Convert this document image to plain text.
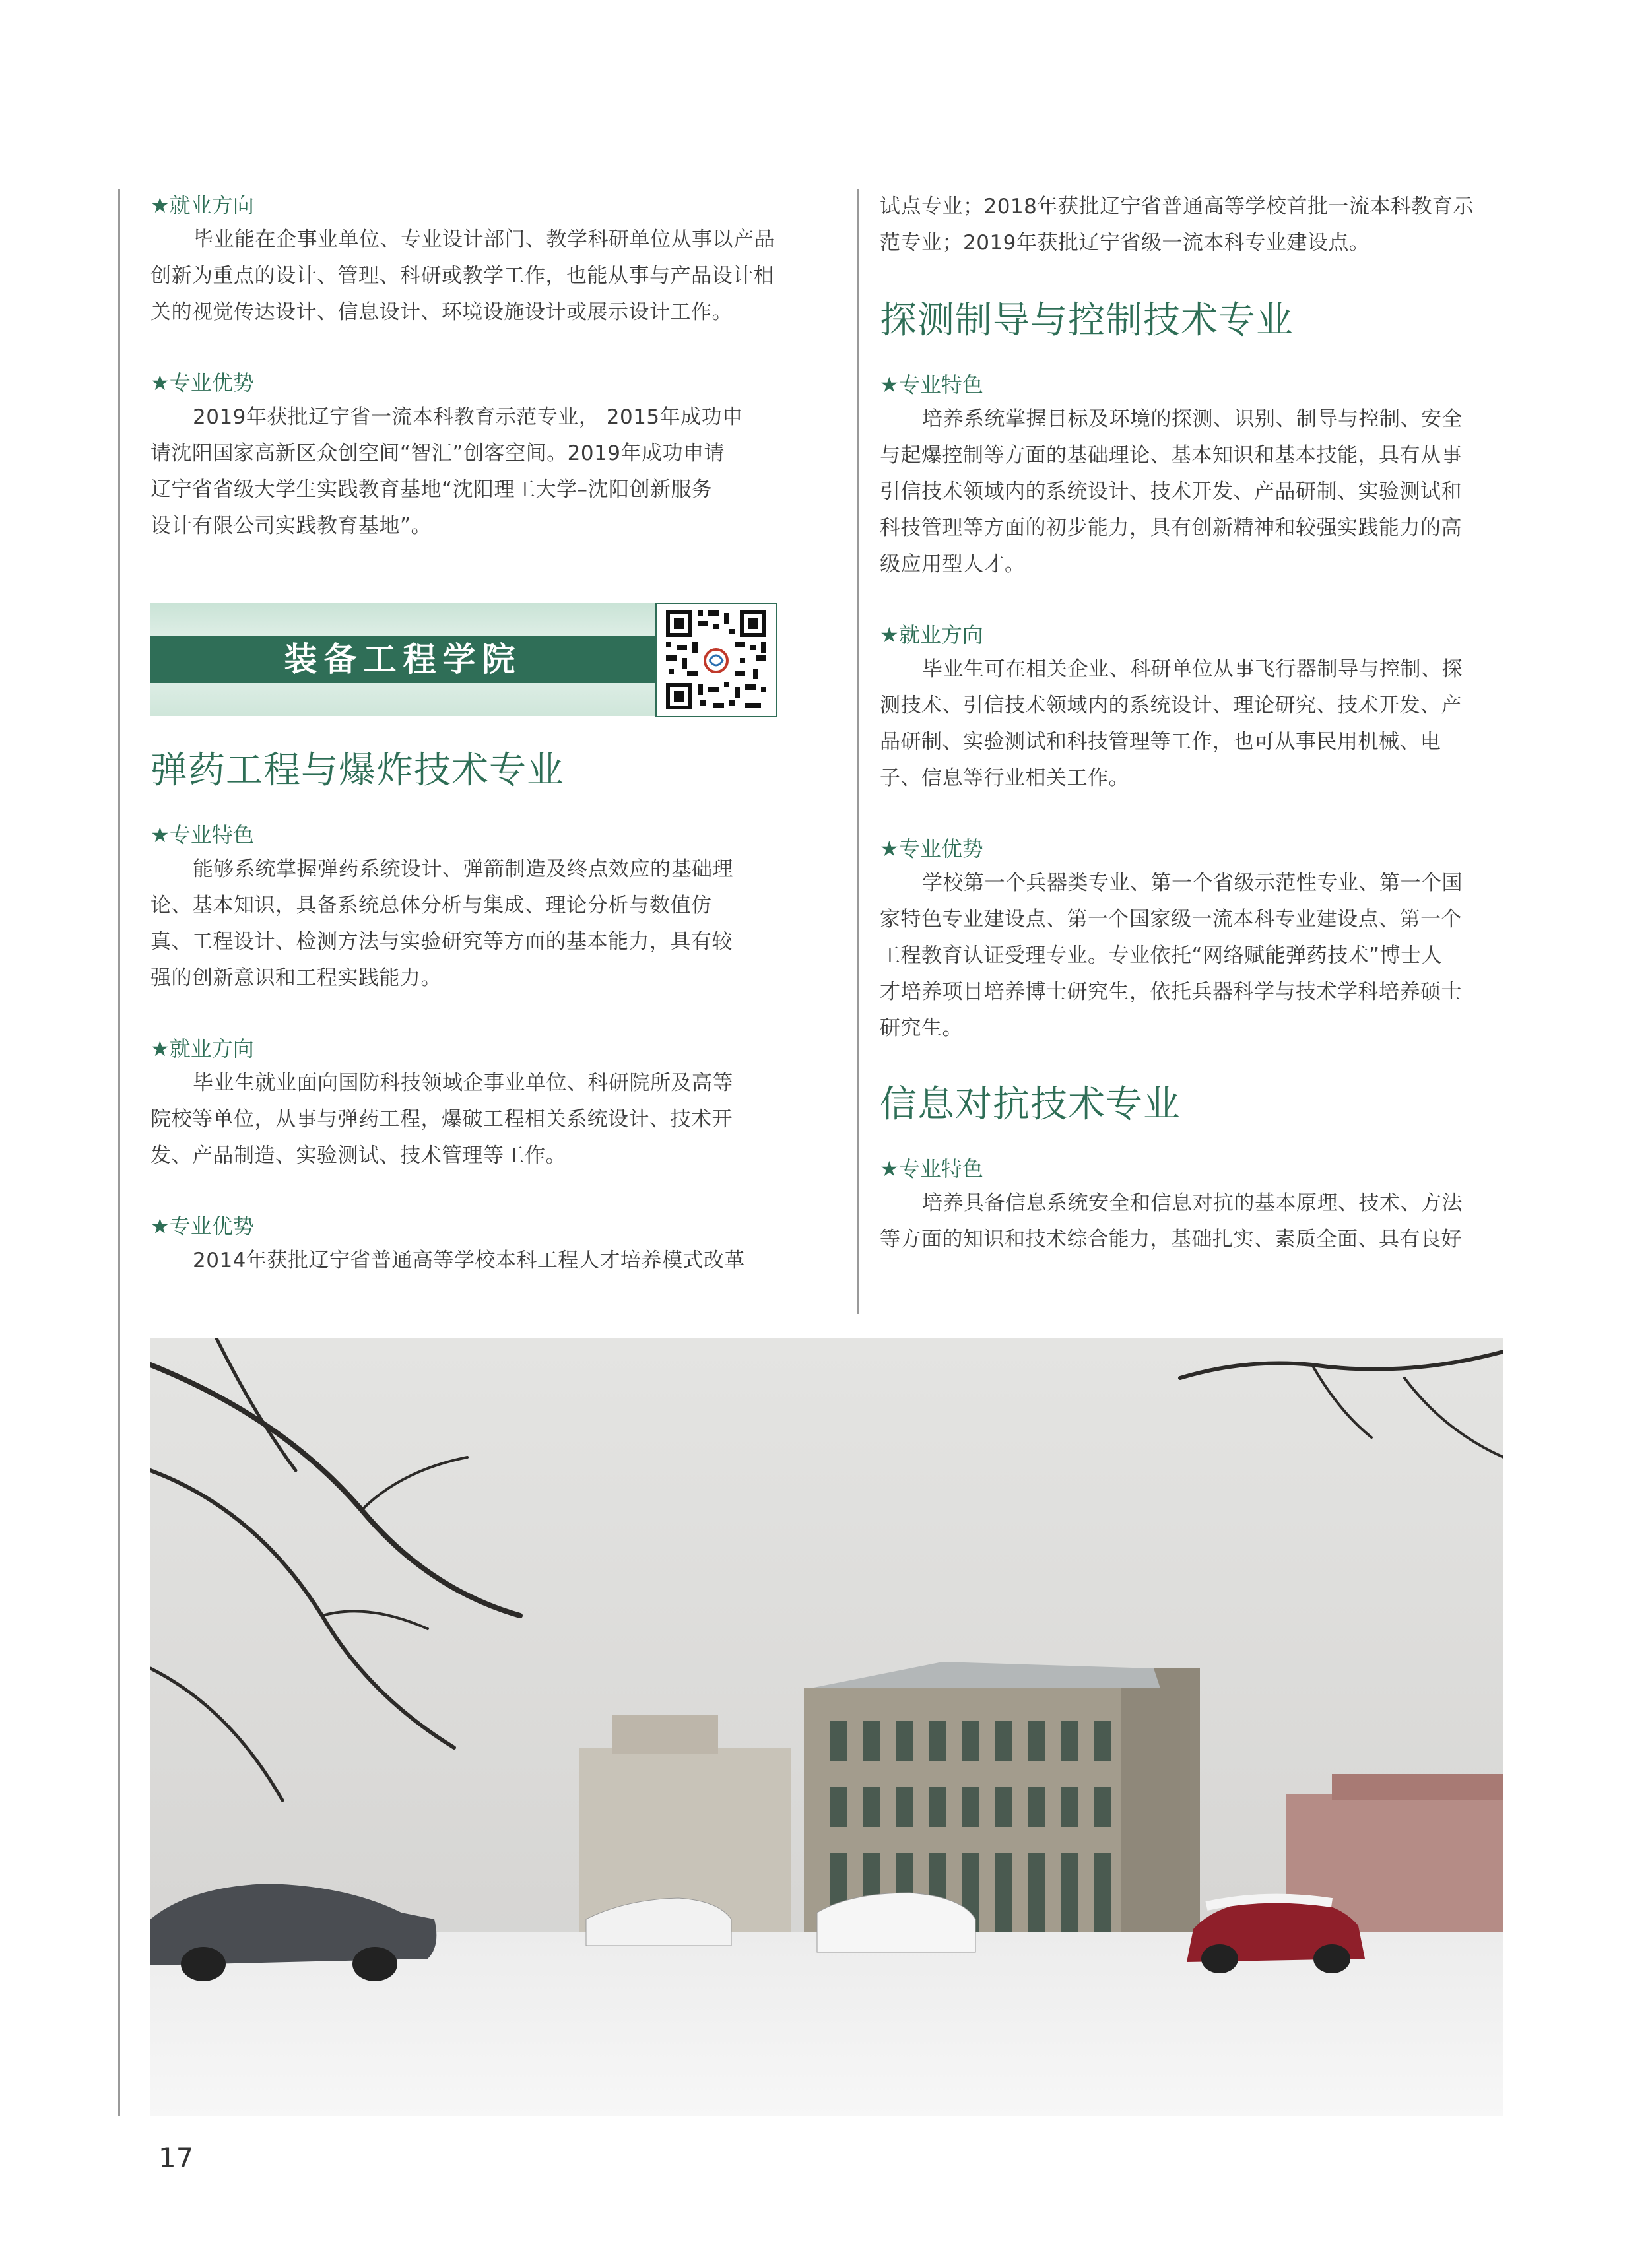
★就业方向

毕业能在企事业单位、专业设计部门、教学科研单位从事以产品

创新为重点的设计、管理、科研或教学工作，也能从事与产品设计相

关的视觉传达设计、信息设计、环境设施设计或展示设计工作。

★专业优势

2019年获批辽宁省一流本科教育示范专业， 2015年成功申

请沈阳国家高新区众创空间“智汇”创客空间。2019年成功申请

辽宁省省级大学生实践教育基地“沈阳理工大学–沈阳创新服务

设计有限公司实践教育基地”。

装备工程学院

弹药工程与爆炸技术专业

★专业特色

能够系统掌握弹药系统设计、弹箭制造及终点效应的基础理

论、基本知识，具备系统总体分析与集成、理论分析与数值仿

真、工程设计、检测方法与实验研究等方面的基本能力，具有较

强的创新意识和工程实践能力。

★就业方向

毕业生就业面向国防科技领域企事业单位、科研院所及高等

院校等单位，从事与弹药工程，爆破工程相关系统设计、技术开

发、产品制造、实验测试、技术管理等工作。

★专业优势

2014年获批辽宁省普通高等学校本科工程人才培养模式改革

试点专业；2018年获批辽宁省普通高等学校首批一流本科教育示

范专业；2019年获批辽宁省级一流本科专业建设点。

探测制导与控制技术专业

★专业特色

培养系统掌握目标及环境的探测、识别、制导与控制、安全

与起爆控制等方面的基础理论、基本知识和基本技能，具有从事

引信技术领域内的系统设计、技术开发、产品研制、实验测试和

科技管理等方面的初步能力，具有创新精神和较强实践能力的高

级应用型人才。

★就业方向

毕业生可在相关企业、科研单位从事飞行器制导与控制、探

测技术、引信技术领域内的系统设计、理论研究、技术开发、产

品研制、实验测试和科技管理等工作，也可从事民用机械、电

子、信息等行业相关工作。

★专业优势

学校第一个兵器类专业、第一个省级示范性专业、第一个国

家特色专业建设点、第一个国家级一流本科专业建设点、第一个

工程教育认证受理专业。专业依托“网络赋能弹药技术”博士人

才培养项目培养博士研究生，依托兵器科学与技术学科培养硕士

研究生。

信息对抗技术专业

★专业特色

培养具备信息系统安全和信息对抗的基本原理、技术、方法

等方面的知识和技术综合能力，基础扎实、素质全面、具有良好

17
